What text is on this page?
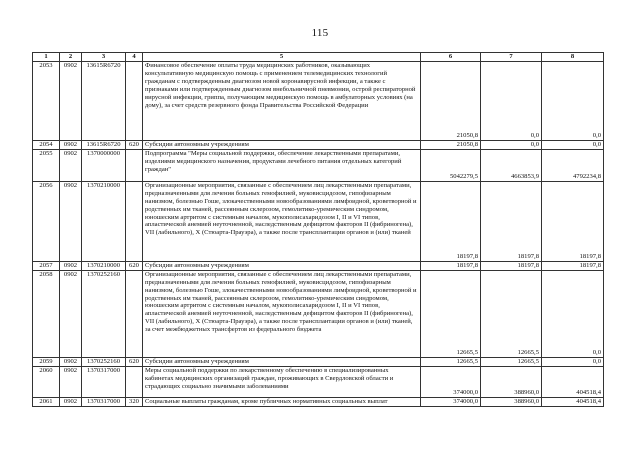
115
1	2	3	4	5	6	7	8
2053	0902	13615R6720		Финансовое обеспечение оплаты труда медицинских работников, оказывающих консультативную медицинскую помощь с применением телемедицинских технологий гражданам с подтвержденным диагнозом новой коронавирусной инфекции, а также с признаками или подтвержденным диагнозом внебольничной пневмонии, острой респираторной вирусной инфекции, гриппа, получающим медицинскую помощь в амбулаторных условиях (на дому), за счет средств резервного фонда Правительства Российской Федерации	21050,8	0,0	0,0
2054	0902	13615R6720	620	Субсидии автономным учреждениям	21050,8	0,0	0,0
2055	0902	1370000000		Подпрограмма "Меры социальной поддержки, обеспечение лекарственными препаратами, изделиями медицинского назначения, продуктами лечебного питания отдельных категорий граждан"	5042279,5	4663853,9	4792234,8
2056	0902	1370210000		Организационные мероприятия, связанные с обеспечением лиц лекарственными препаратами, предназначенными для лечения больных гемофилией, муковисцидозом, гипофизарным нанизмом, болезнью Гоше, злокачественными новообразованиями лимфоидной, кроветворной и родственных им тканей, рассеянным склерозом, гемолитико-уремическим синдромом, юношеским артритом с системным началом, мукополисахаридозом I, II и VI типов, апластической анемией неуточненной, наследственным дефицитом факторов II (фибриногена), VII (лабильного), X (Стюарта-Прауэра), а также после трансплантации органов и (или) тканей	18197,8	18197,8	18197,8
2057	0902	1370210000	620	Субсидии автономным учреждениям	18197,8	18197,8	18197,8
2058	0902	1370252160		Организационные мероприятия, связанные с обеспечением лиц лекарственными препаратами, предназначенными для лечения больных гемофилией, муковисцидозом, гипофизарным нанизмом, болезнью Гоше, злокачественными новообразованиями лимфоидной, кроветворной и родственных им тканей, рассеянным склерозом, гемолитико-уремическим синдромом, юношеским артритом с системным началом, мукополисахаридозом I, II и VI типов, апластической анемией неуточненной, наследственным дефицитом факторов II (фибриногена), VII (лабильного), X (Стюарта-Прауэра), а также после трансплантации органов и (или) тканей, за счет межбюджетных трансфертов из федерального бюджета	12665,5	12665,5	0,0
2059	0902	1370252160	620	Субсидии автономным учреждениям	12665,5	12665,5	0,0
2060	0902	1370317000		Меры социальной поддержки по лекарственному обеспечению в специализированных кабинетах медицинских организаций граждан, проживающих в Свердловской области и страдающих социально значимыми заболеваниями	374000,0	388960,0	404518,4
2061	0902	1370317000	320	Социальные выплаты гражданам, кроме публичных нормативных социальных выплат	374000,0	388960,0	404518,4
